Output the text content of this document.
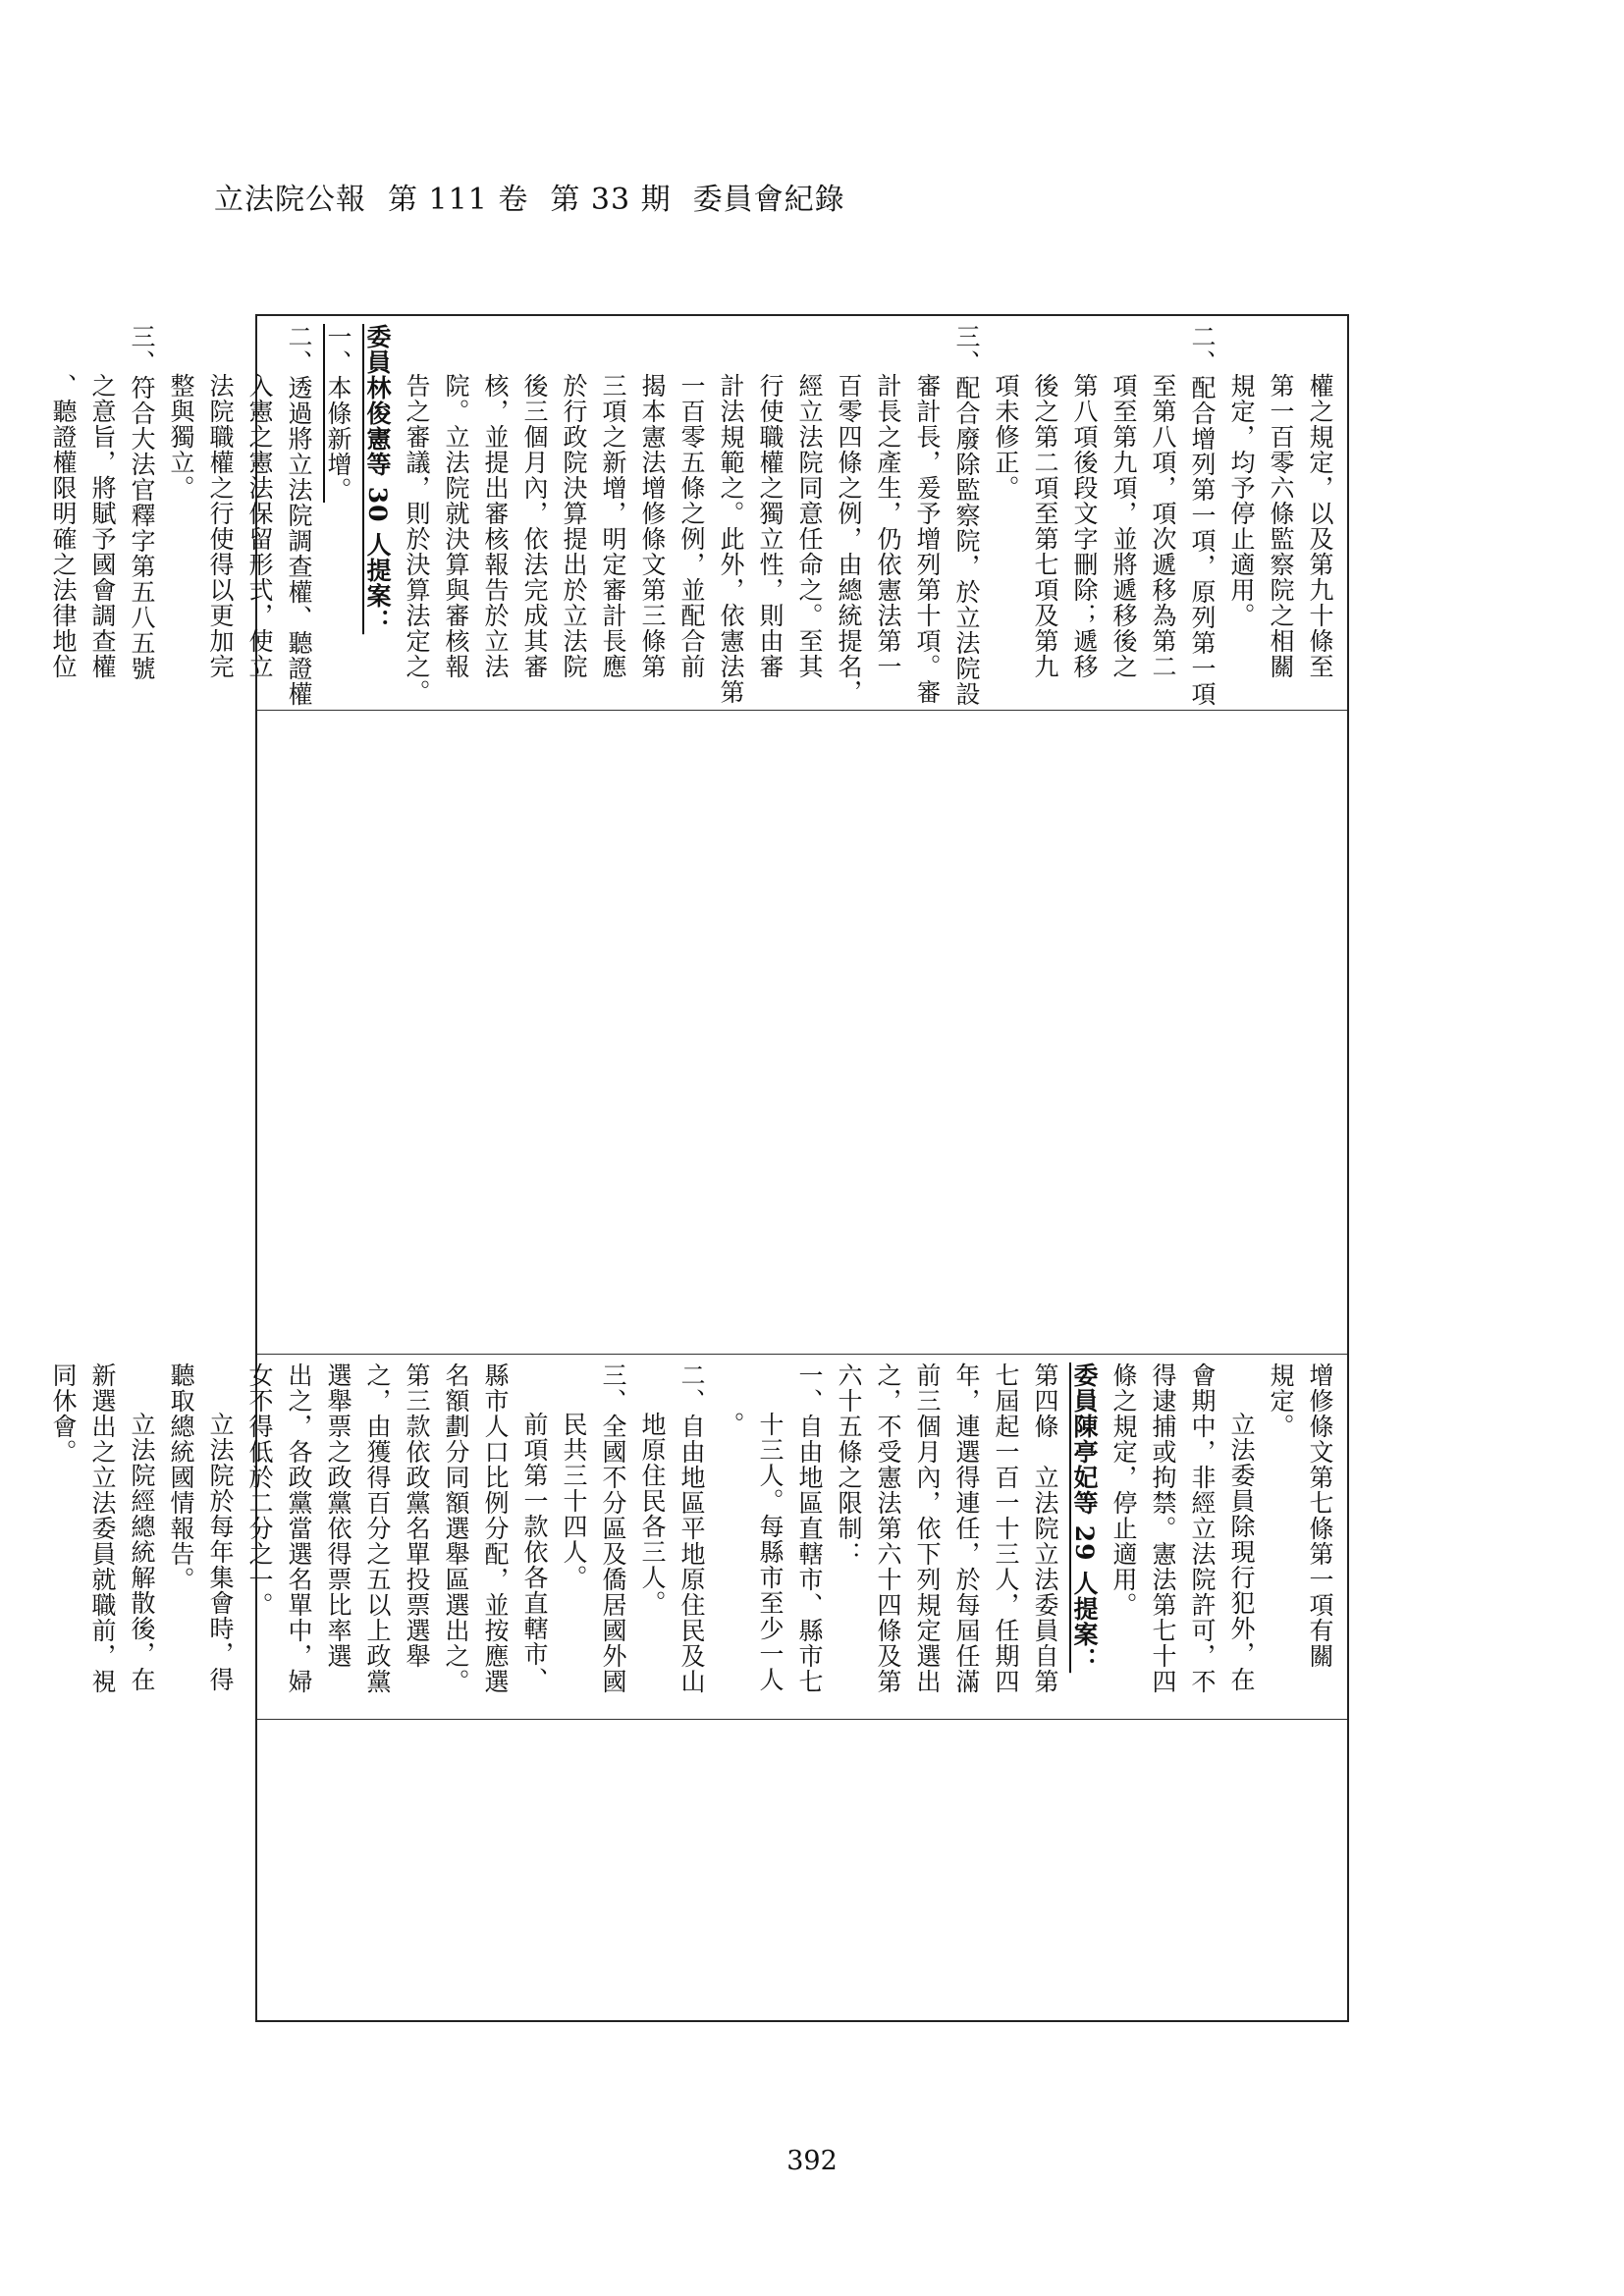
立法院公報 第 111 卷 第 33 期 委員會紀錄
權之規定，以及第九十條至
第一百零六條監察院之相關
規定，均予停止適用。
二、配合增列第一項，原列第一項
至第八項，項次遞移為第二
項至第九項，並將遞移後之
第八項後段文字刪除；遞移
後之第二項至第七項及第九
項未修正。
三、配合廢除監察院，於立法院設
審計長，爰予增列第十項。審
計長之產生，仍依憲法第一
百零四條之例，由總統提名，
經立法院同意任命之。至其
行使職權之獨立性，則由審
計法規範之。此外，依憲法第
一百零五條之例，並配合前
揭本憲法增修條文第三條第
三項之新增，明定審計長應
於行政院決算提出於立法院
後三個月內，依法完成其審
核，並提出審核報告於立法
院。立法院就決算與審核報
告之審議，則於決算法定之。
委員林俊憲等 30 人提案：
一、本條新增。
二、透過將立法院調查權、聽證權
入憲之憲法保留形式，使立
法院職權之行使得以更加完
整與獨立。
三、符合大法官釋字第五八五號
之意旨，將賦予國會調查權
、聽證權限明確之法律地位
增修條文第七條第一項有關
規定。
立法委員除現行犯外，在
會期中，非經立法院許可，不
得逮捕或拘禁。憲法第七十四
條之規定，停止適用。
委員陳亭妃等 29 人提案：
第四條　立法院立法委員自第
七屆起一百一十三人，任期四
年，連選得連任，於每屆任滿
前三個月內，依下列規定選出
之，不受憲法第六十四條及第
六十五條之限制：
一、自由地區直轄市、縣市七
十三人。每縣市至少一人
。
二、自由地區平地原住民及山
地原住民各三人。
三、全國不分區及僑居國外國
民共三十四人。
前項第一款依各直轄市、
縣市人口比例分配，並按應選
名額劃分同額選舉區選出之。
第三款依政黨名單投票選舉
之，由獲得百分之五以上政黨
選舉票之政黨依得票比率選
出之，各政黨當選名單中，婦
女不得低於二分之一。
立法院於每年集會時，得
聽取總統國情報告。
立法院經總統解散後，在
新選出之立法委員就職前，視
同休會。
392
